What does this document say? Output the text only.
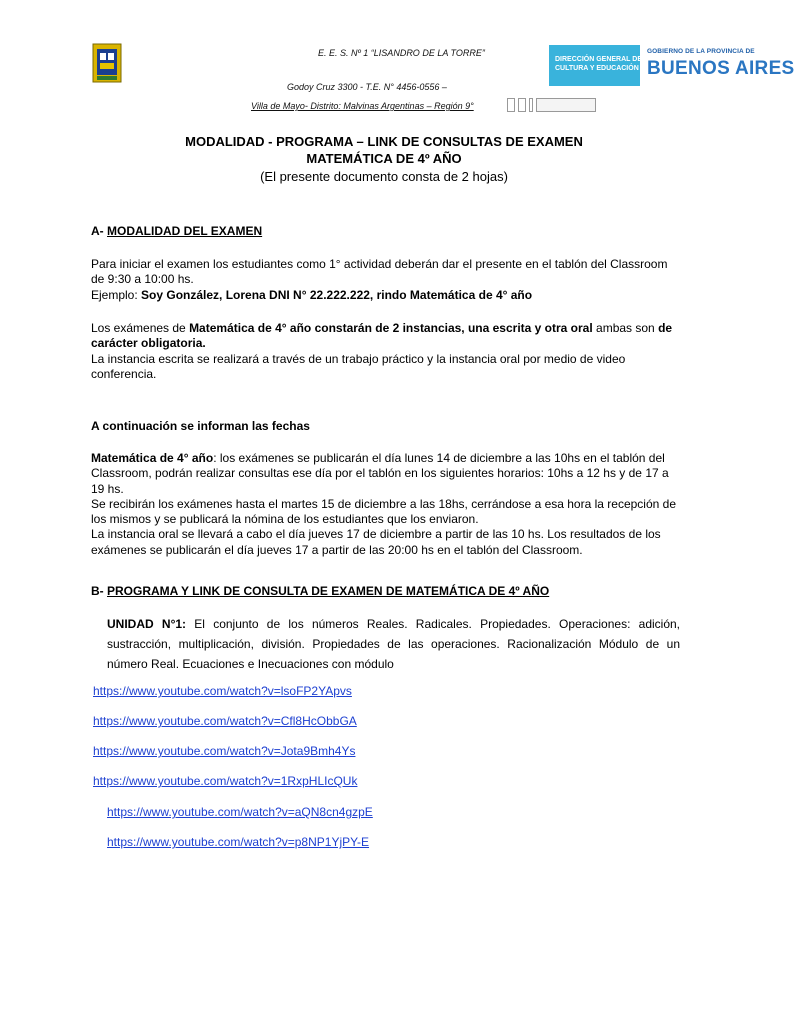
E. E. S. Nº 1 “LISANDRO DE LA TORRE”
Godoy Cruz 3300 - T.E. N° 4456-0556 –
Villa de Mayo- Distrito: Malvinas Argentinas – Región 9°
DIRECCIÓN GENERAL DE
CULTURA Y EDUCACIÓN
GOBIERNO DE LA PROVINCIA DE
BUENOS AIRES
MODALIDAD - PROGRAMA – LINK DE CONSULTAS DE EXAMEN
MATEMÁTICA DE 4º AÑO
(El presente documento consta de 2 hojas)
A- MODALIDAD DEL EXAMEN
Para iniciar el examen los estudiantes como 1° actividad deberán dar el presente en el tablón del Classroom de 9:30 a 10:00 hs.
Ejemplo: Soy González, Lorena DNI N° 22.222.222, rindo Matemática de 4° año
Los exámenes de Matemática de 4° año constarán de 2 instancias, una escrita y otra oral ambas son de carácter obligatoria.
La instancia escrita se realizará a través de un trabajo práctico y la instancia oral por medio de video conferencia.
A continuación se informan las fechas
Matemática de 4° año: los exámenes se publicarán el día lunes 14 de diciembre a las 10hs en el tablón del Classroom, podrán realizar consultas ese día por el tablón en los siguientes horarios: 10hs a 12 hs y de 17 a 19 hs.
Se recibirán los exámenes hasta el martes 15 de diciembre a las 18hs, cerrándose a esa hora la recepción de los mismos y se publicará la nómina de los estudiantes que los enviaron.
La instancia oral se llevará a cabo el día jueves 17 de diciembre a partir de las 10 hs. Los resultados de los exámenes se publicarán el día jueves 17 a partir de las 20:00 hs en el tablón del Classroom.
B- PROGRAMA Y LINK DE CONSULTA DE EXAMEN DE MATEMÁTICA DE 4º AÑO
UNIDAD N°1: El conjunto de los números Reales. Radicales. Propiedades. Operaciones: adición, sustracción, multiplicación, división. Propiedades de las operaciones. Racionalización Módulo de un número Real. Ecuaciones e Inecuaciones con módulo
https://www.youtube.com/watch?v=lsoFP2YApvs
https://www.youtube.com/watch?v=Cfl8HcObbGA
https://www.youtube.com/watch?v=Jota9Bmh4Ys
https://www.youtube.com/watch?v=1RxpHLIcQUk
https://www.youtube.com/watch?v=aQN8cn4gzpE
https://www.youtube.com/watch?v=p8NP1YjPY-E
